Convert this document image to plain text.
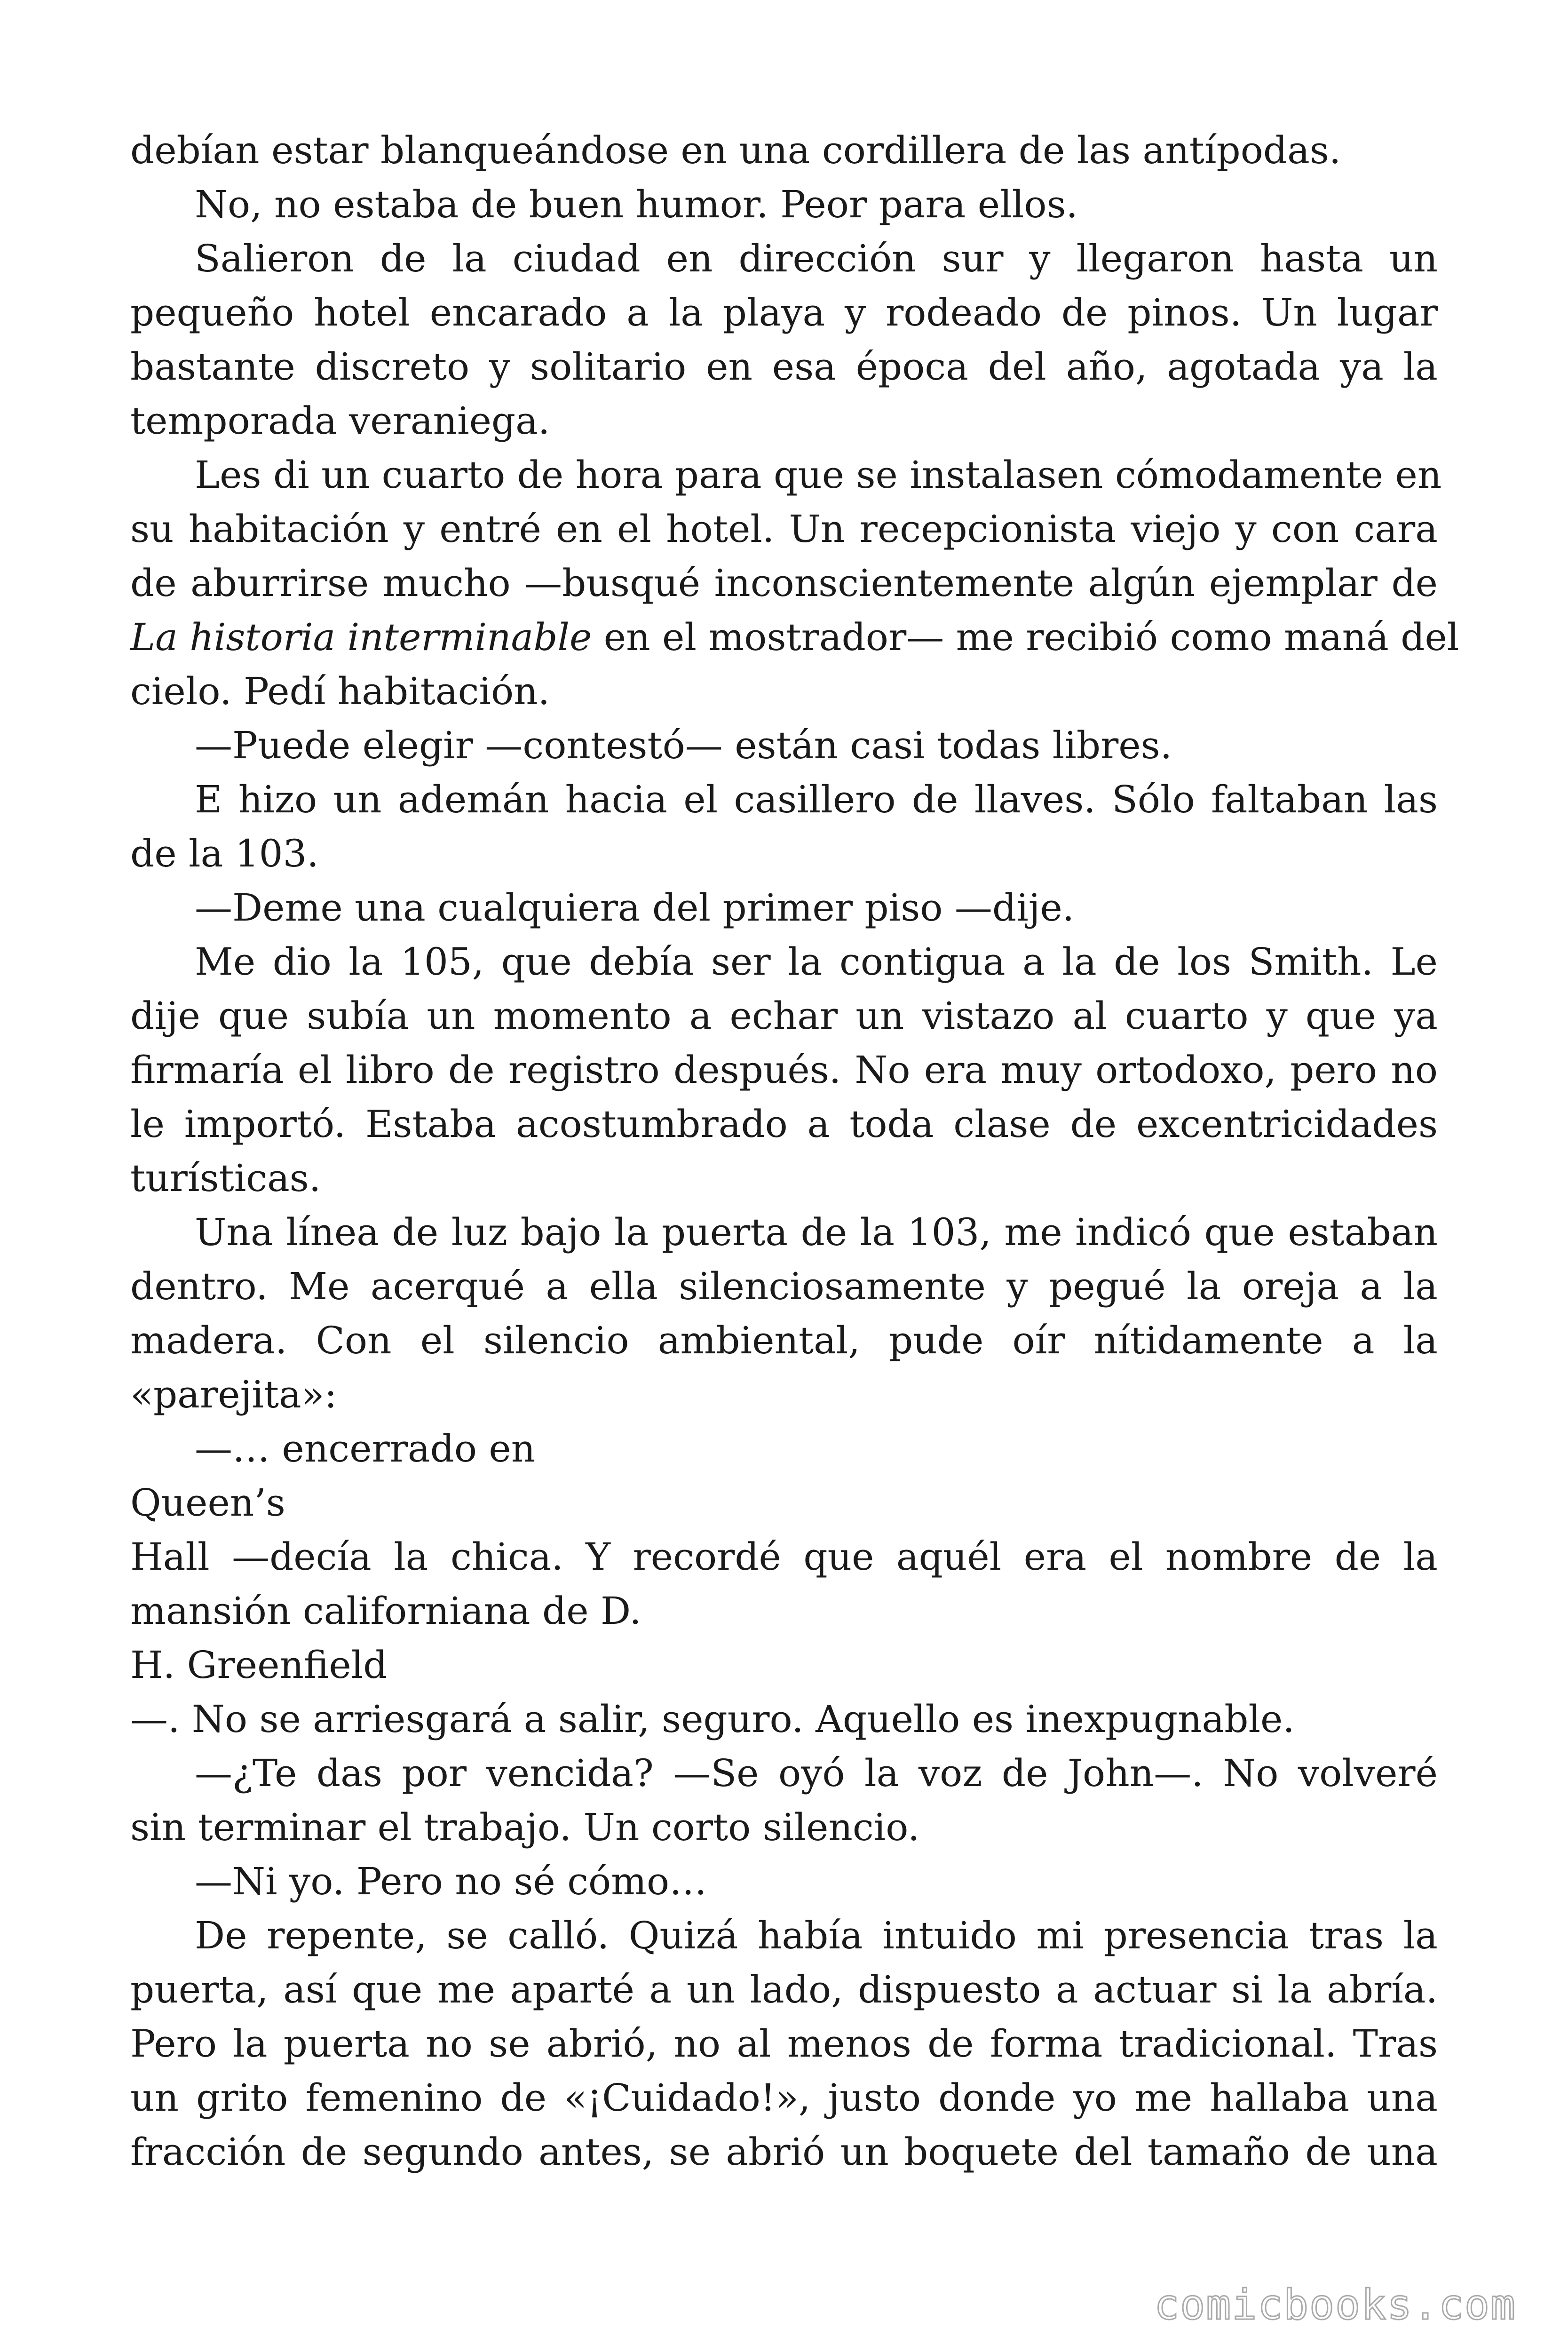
debían estar blanqueándose en una cordillera de las antípodas.
No, no estaba de buen humor. Peor para ellos.
Salieron de la ciudad en dirección sur y llegaron hasta un
pequeño hotel encarado a la playa y rodeado de pinos. Un lugar
bastante discreto y solitario en esa época del año, agotada ya la
temporada veraniega.
Les di un cuarto de hora para que se instalasen cómodamente en
su habitación y entré en el hotel. Un recepcionista viejo y con cara
de aburrirse mucho —busqué inconscientemente algún ejemplar de
La historia interminable en el mostrador— me recibió como maná del
cielo. Pedí habitación.
—Puede elegir —contestó— están casi todas libres.
E hizo un ademán hacia el casillero de llaves. Sólo faltaban las
de la 103.
—Deme una cualquiera del primer piso —dije.
Me dio la 105, que debía ser la contigua a la de los Smith. Le
dije que subía un momento a echar un vistazo al cuarto y que ya
firmaría el libro de registro después. No era muy ortodoxo, pero no
le importó. Estaba acostumbrado a toda clase de excentricidades
turísticas.
Una línea de luz bajo la puerta de la 103, me indicó que estaban
dentro. Me acerqué a ella silenciosamente y pegué la oreja a la
madera. Con el silencio ambiental, pude oír nítidamente a la
«parejita»:
—… encerrado en
Queen’s
Hall —decía la chica. Y recordé que aquél era el nombre de la
mansión californiana de D.
H. Greenfield
—. No se arriesgará a salir, seguro. Aquello es inexpugnable.
—¿Te das por vencida? —Se oyó la voz de John—. No volveré
sin terminar el trabajo. Un corto silencio.
—Ni yo. Pero no sé cómo…
De repente, se calló. Quizá había intuido mi presencia tras la
puerta, así que me aparté a un lado, dispuesto a actuar si la abría.
Pero la puerta no se abrió, no al menos de forma tradicional. Tras
un grito femenino de «¡Cuidado!», justo donde yo me hallaba una
fracción de segundo antes, se abrió un boquete del tamaño de una
comicbooks.com
